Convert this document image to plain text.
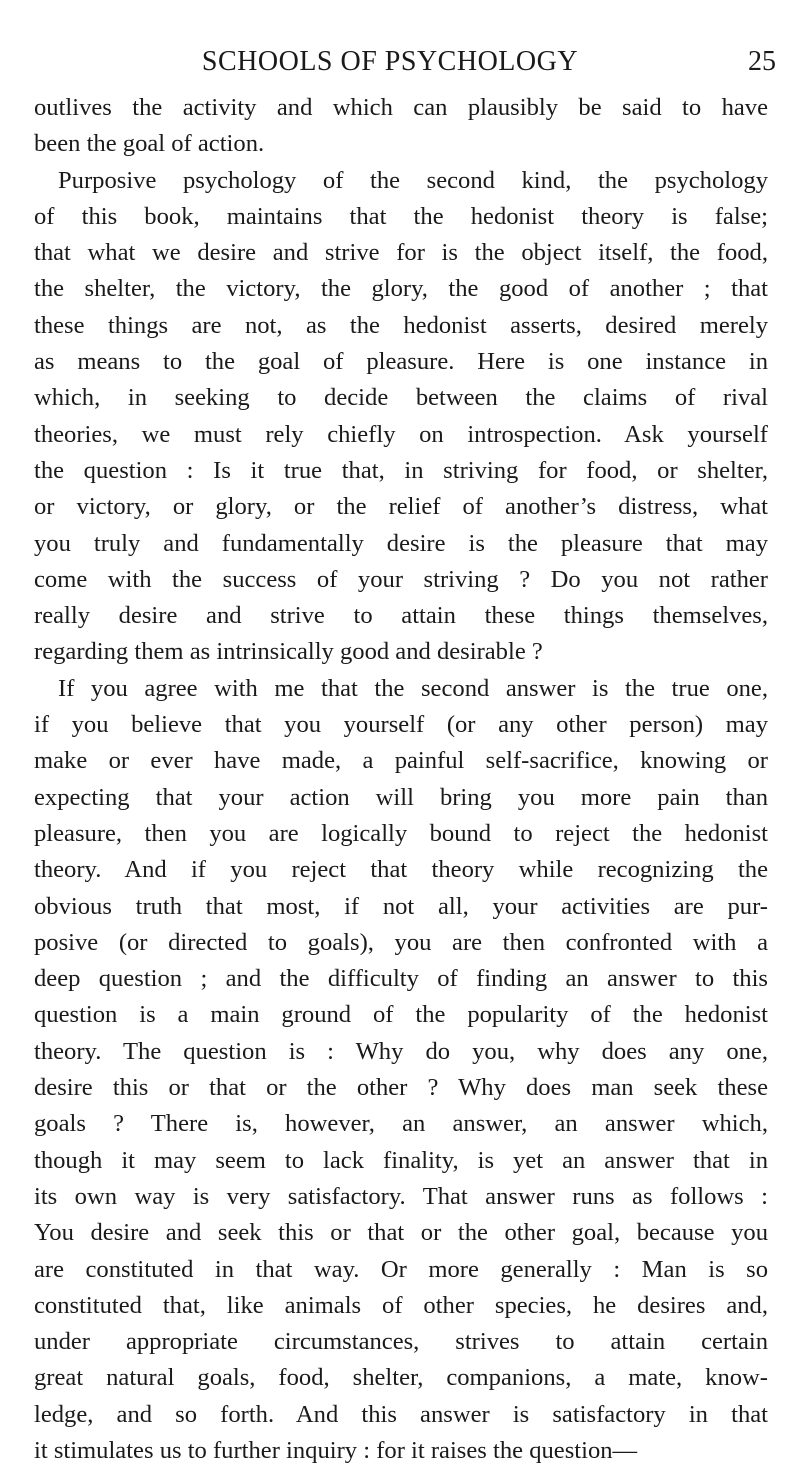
SCHOOLS OF PSYCHOLOGY	25
outlives the activity and which can plausibly be said to have
been the goal of action.
Purposive psychology of the second kind, the psychology
of this book, maintains that the hedonist theory is false;
that what we desire and strive for is the object itself, the food,
the shelter, the victory, the glory, the good of another ; that
these things are not, as the hedonist asserts, desired merely
as means to the goal of pleasure. Here is one instance in
which, in seeking to decide between the claims of rival
theories, we must rely chiefly on introspection. Ask yourself
the question : Is it true that, in striving for food, or shelter,
or victory, or glory, or the relief of another’s distress, what
you truly and fundamentally desire is the pleasure that may
come with the success of your striving ? Do you not rather
really desire and strive to attain these things themselves,
regarding them as intrinsically good and desirable ?
If you agree with me that the second answer is the true one,
if you believe that you yourself (or any other person) may
make or ever have made, a painful self-sacrifice, knowing or
expecting that your action will bring you more pain than
pleasure, then you are logically bound to reject the hedonist
theory. And if you reject that theory while recognizing the
obvious truth that most, if not all, your activities are pur-
posive (or directed to goals), you are then confronted with a
deep question ; and the difficulty of finding an answer to this
question is a main ground of the popularity of the hedonist
theory. The question is : Why do you, why does any one,
desire this or that or the other ? Why does man seek these
goals ? There is, however, an answer, an answer which,
though it may seem to lack finality, is yet an answer that in
its own way is very satisfactory. That answer runs as follows :
You desire and seek this or that or the other goal, because you
are constituted in that way. Or more generally : Man is so
constituted that, like animals of other species, he desires and,
under appropriate circumstances, strives to attain certain
great natural goals, food, shelter, companions, a mate, know-
ledge, and so forth. And this answer is satisfactory in that
it stimulates us to further inquiry : for it raises the question—
